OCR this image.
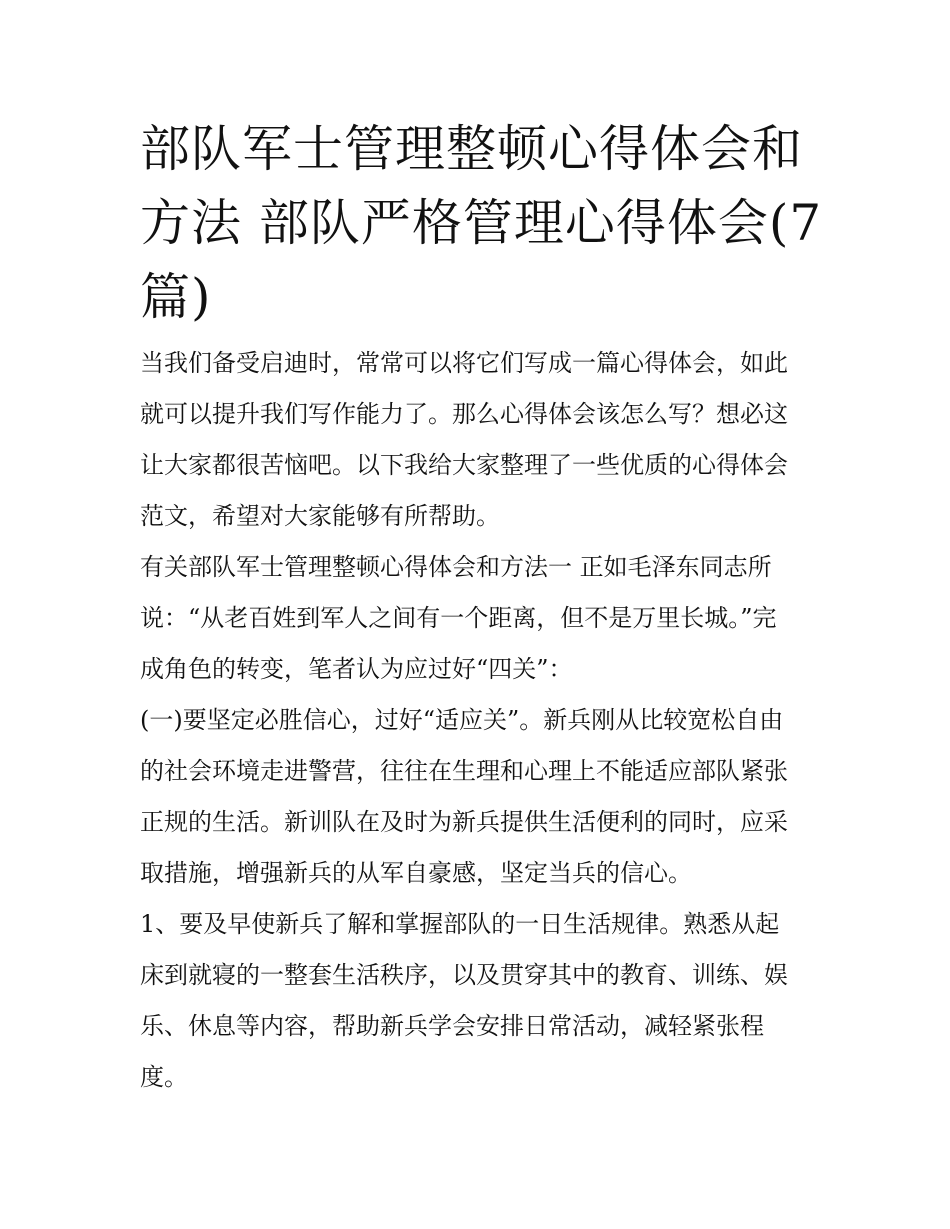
部队军士管理整顿心得体会和
方法 部队严格管理心得体会(7
篇)

当我们备受启迪时，常常可以将它们写成一篇心得体会，如此
就可以提升我们写作能力了。那么心得体会该怎么写？想必这
让大家都很苦恼吧。以下我给大家整理了一些优质的心得体会
范文，希望对大家能够有所帮助。

有关部队军士管理整顿心得体会和方法一 正如毛泽东同志所
说：“从老百姓到军人之间有一个距离，但不是万里长城。”完
成角色的转变，笔者认为应过好“四关”：

(一)要坚定必胜信心，过好“适应关”。新兵刚从比较宽松自由
的社会环境走进警营，往往在生理和心理上不能适应部队紧张
正规的生活。新训队在及时为新兵提供生活便利的同时，应采
取措施，增强新兵的从军自豪感，坚定当兵的信心。

1、要及早使新兵了解和掌握部队的一日生活规律。熟悉从起
床到就寝的一整套生活秩序，以及贯穿其中的教育、训练、娱
乐、休息等内容，帮助新兵学会安排日常活动，减轻紧张程
度。
